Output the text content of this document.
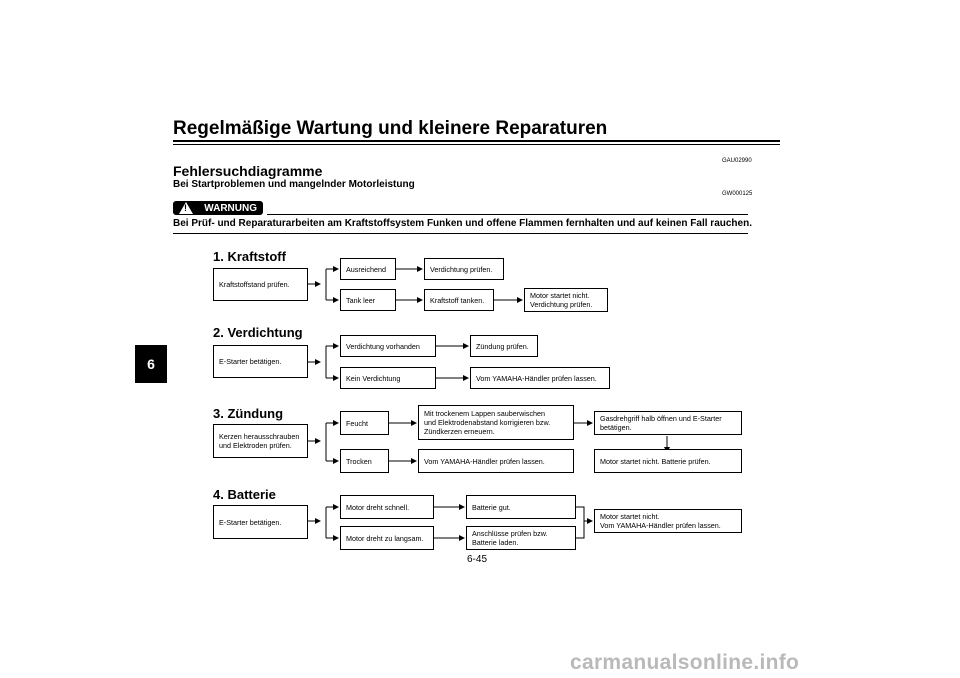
Regelmäßige Wartung und kleinere Reparaturen
GAU02990
Fehlersuchdiagramme
Bei Startproblemen und mangelnder Motorleistung
GW000125
! WARNUNG
Bei Prüf- und Reparaturarbeiten am Kraftstoffsystem Funken und offene Flammen fernhalten und auf keinen Fall rauchen.
6
1. Kraftstoff
Kraftstoffstand prüfen.
Ausreichend	Verdichtung prüfen.
Tank leer	Kraftstoff tanken.	Motor startet nicht.
Verdichtung prüfen.
2. Verdichtung
E-Starter betätigen.
Verdichtung vorhanden	Zündung prüfen.
Kein Verdichtung	Vom YAMAHA-Händler prüfen lassen.
3. Zündung
Kerzen herausschrauben
und Elektroden prüfen.
Feucht
Mit trockenem Lappen sauberwischen
und Elektrodenabstand korrigieren bzw.
Zündkerzen erneuern.
Gasdrehgriff halb öffnen und E-Starter
betätigen.
Trocken	Vom YAMAHA-Händler prüfen lassen.	Motor startet nicht. Batterie prüfen.
4. Batterie
E-Starter betätigen.
Motor dreht schnell.	Batterie gut.
Motor dreht zu langsam.	Anschlüsse prüfen bzw.
Batterie laden.
Motor startet nicht.
Vom YAMAHA-Händler prüfen lassen.
6-45
carmanualsonline.info
